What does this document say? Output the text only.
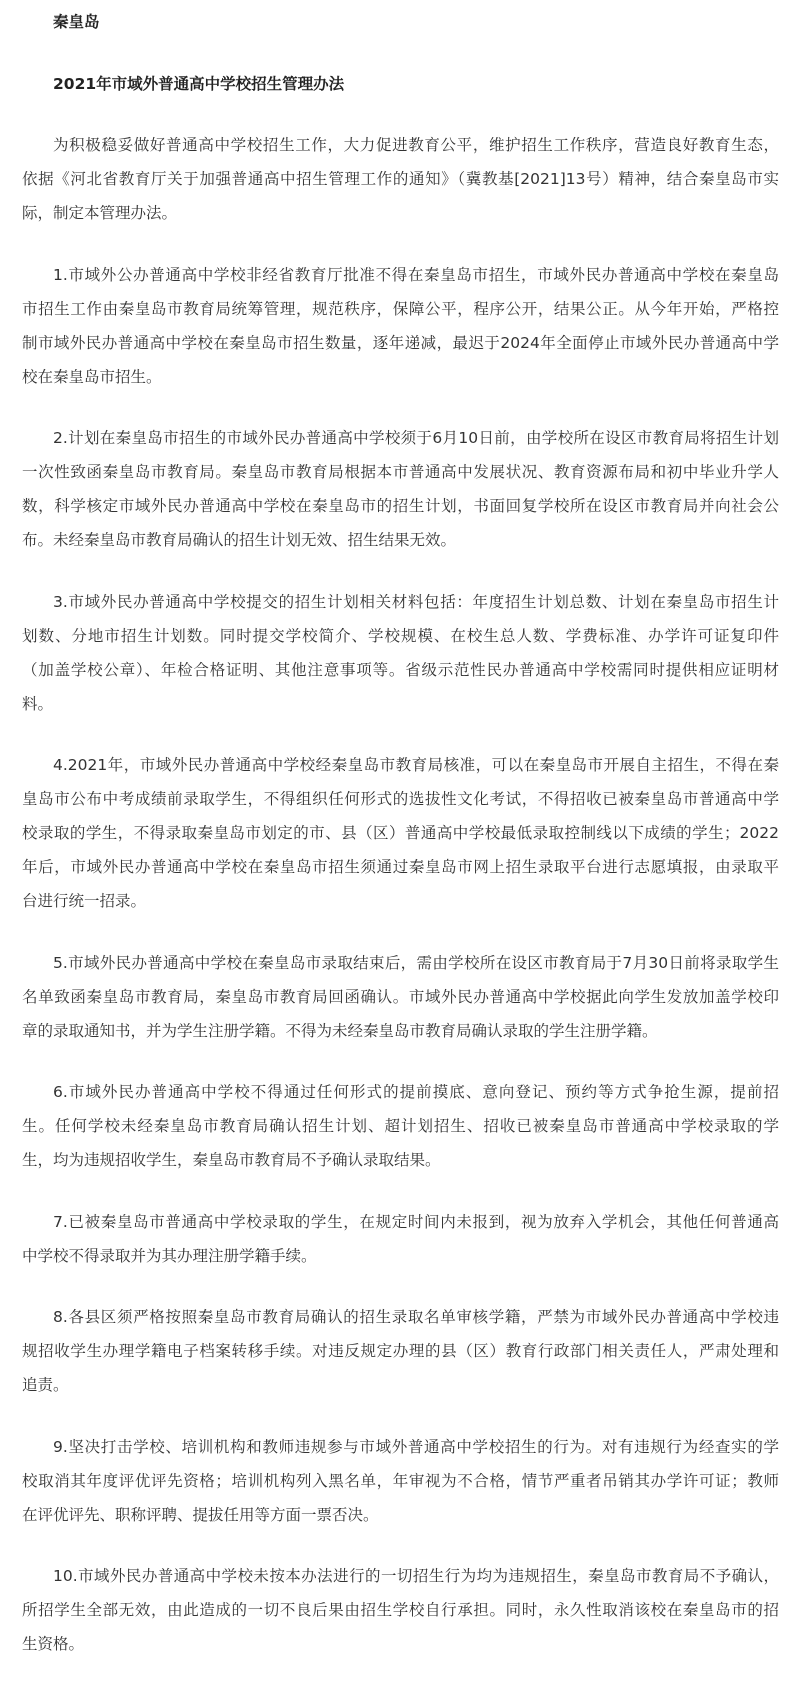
秦皇岛

2021年市域外普通高中学校招生管理办法

为积极稳妥做好普通高中学校招生工作，大力促进教育公平，维护招生工作秩序，营造良好教育生态，
依据《河北省教育厅关于加强普通高中招生管理工作的通知》（冀教基[2021]13号）精神，结合秦皇岛市实
际，制定本管理办法。
1.市域外公办普通高中学校非经省教育厅批准不得在秦皇岛市招生，市域外民办普通高中学校在秦皇岛
市招生工作由秦皇岛市教育局统筹管理，规范秩序，保障公平，程序公开，结果公正。从今年开始，严格控
制市域外民办普通高中学校在秦皇岛市招生数量，逐年递减，最迟于2024年全面停止市域外民办普通高中学
校在秦皇岛市招生。
2.计划在秦皇岛市招生的市域外民办普通高中学校须于6月10日前，由学校所在设区市教育局将招生计划
一次性致函秦皇岛市教育局。秦皇岛市教育局根据本市普通高中发展状况、教育资源布局和初中毕业升学人
数，科学核定市域外民办普通高中学校在秦皇岛市的招生计划，书面回复学校所在设区市教育局并向社会公
布。未经秦皇岛市教育局确认的招生计划无效、招生结果无效。
3.市域外民办普通高中学校提交的招生计划相关材料包括：年度招生计划总数、计划在秦皇岛市招生计
划数、分地市招生计划数。同时提交学校简介、学校规模、在校生总人数、学费标准、办学许可证复印件
（加盖学校公章）、年检合格证明、其他注意事项等。省级示范性民办普通高中学校需同时提供相应证明材
料。
4.2021年，市域外民办普通高中学校经秦皇岛市教育局核准，可以在秦皇岛市开展自主招生，不得在秦
皇岛市公布中考成绩前录取学生，不得组织任何形式的选拔性文化考试，不得招收已被秦皇岛市普通高中学
校录取的学生，不得录取秦皇岛市划定的市、县（区）普通高中学校最低录取控制线以下成绩的学生；2022
年后，市域外民办普通高中学校在秦皇岛市招生须通过秦皇岛市网上招生录取平台进行志愿填报，由录取平
台进行统一招录。
5.市域外民办普通高中学校在秦皇岛市录取结束后，需由学校所在设区市教育局于7月30日前将录取学生
名单致函秦皇岛市教育局，秦皇岛市教育局回函确认。市域外民办普通高中学校据此向学生发放加盖学校印
章的录取通知书，并为学生注册学籍。不得为未经秦皇岛市教育局确认录取的学生注册学籍。
6.市域外民办普通高中学校不得通过任何形式的提前摸底、意向登记、预约等方式争抢生源，提前招
生。任何学校未经秦皇岛市教育局确认招生计划、超计划招生、招收已被秦皇岛市普通高中学校录取的学
生，均为违规招收学生，秦皇岛市教育局不予确认录取结果。
7.已被秦皇岛市普通高中学校录取的学生，在规定时间内未报到，视为放弃入学机会，其他任何普通高
中学校不得录取并为其办理注册学籍手续。
8.各县区须严格按照秦皇岛市教育局确认的招生录取名单审核学籍，严禁为市域外民办普通高中学校违
规招收学生办理学籍电子档案转移手续。对违反规定办理的县（区）教育行政部门相关责任人，严肃处理和
追责。
9.坚决打击学校、培训机构和教师违规参与市域外普通高中学校招生的行为。对有违规行为经查实的学
校取消其年度评优评先资格；培训机构列入黑名单，年审视为不合格，情节严重者吊销其办学许可证；教师
在评优评先、职称评聘、提拔任用等方面一票否决。
10.市域外民办普通高中学校未按本办法进行的一切招生行为均为违规招生，秦皇岛市教育局不予确认，
所招学生全部无效，由此造成的一切不良后果由招生学校自行承担。同时，永久性取消该校在秦皇岛市的招
生资格。
